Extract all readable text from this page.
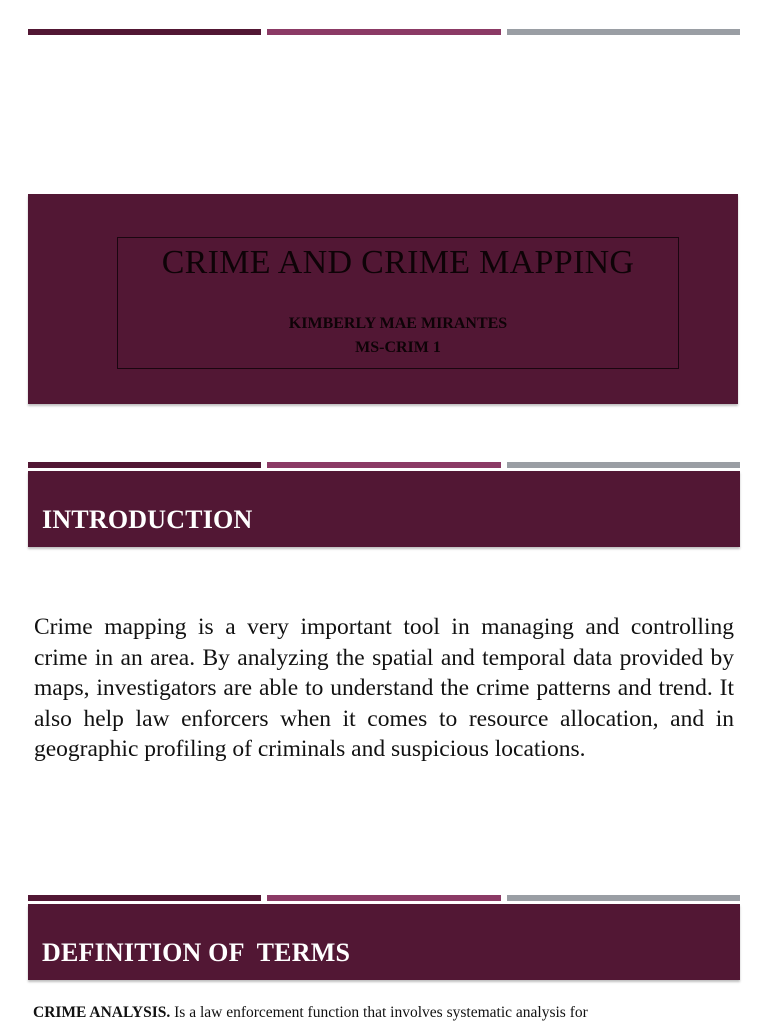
CRIME AND CRIME MAPPING

KIMBERLY MAE MIRANTES

MS-CRIM 1

INTRODUCTION

Crime mapping is a very important tool in managing and controlling crime in an area. By analyzing the spatial and temporal data provided by maps, investigators are able to understand the crime patterns and trend. It also help law enforcers when it comes to resource allocation, and in geographic profiling of criminals and suspicious locations.

DEFINITION OF  TERMS

CRIME ANALYSIS. Is a law enforcement function that involves systematic analysis for
